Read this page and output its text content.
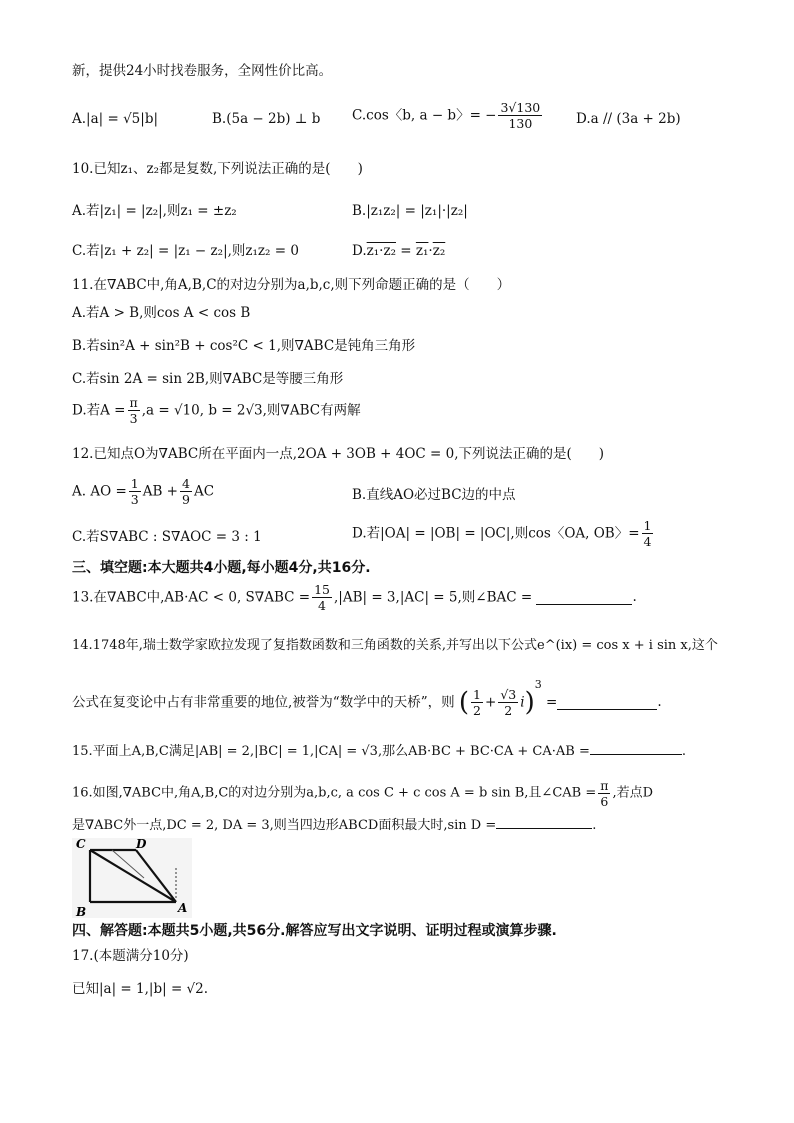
新，提供24小时找卷服务，全网性价比高。
A.|a| = √5|b|	B.(5a − 2b) ⊥ b C.cos〈b, a − b〉= − $\frac{3√130}{130} D.a // (3a + 2b)$
10.已知z₁、z₂都是复数,下列说法正确的是(　　)
A.若|z₁| = |z₂|,则z₁ = ±z₂	B.|z₁z₂| = |z₁|·|z₂|
C.若|z₁ + z₂| = |z₁ − z₂|,则z₁z₂ = 0	D.z₁·z₂ = z₁·z₂
11.在∇ABC中,角A,B,C的对边分别为a,b,c,则下列命题正确的是（　　）
A.若A > B,则cos A < cos B
B.若sin²A + sin²B + cos²C < 1,则∇ABC是钝角三角形
C.若sin 2A = sin 2B,则∇ABC是等腰三角形
D.若$A = \frac{\pi}{3} ,a = √10$, b = 2√3,则∇ABC有两解
12.已知点O为∇ABC所在平面内一点,2OA + 3OB + 4OC = 0,下列说法正确的是(　　)
A. AO = $\frac{1}{3}$ AB + $\frac{4}{9}$ AC	B.直线AO必过BC边的中点
C.若S∇ABC : S∇AOC = 3 : 1	D.若|OA| = |OB| = |OC|,则cos〈OA, OB〉= $\frac{1}{4}$
三、填空题:本大题共4小题,每小题4分,共16分.
13.在∇ABC中,AB·AC < 0, $S\nabla ABC = \frac{15}{4} ,|AB| = 3,|AC| = 5$,则∠BAC =	.
14.1748年,瑞士数学家欧拉发现了复指数函数和三角函数的关系,并写出以下公式e^(ix) = cos x + i sin x,这个
公式在复变论中占有非常重要的地位,被誉为“数学中的天桥”，则 ( $\frac{1}{2} + \frac{√3}{2} i)^3$ =	.
15.平面上A,B,C满足|AB| = 2,|BC| = 1,|CA| = √3,那么AB·BC + BC·CA + CA·AB =	.
16.如图,∇ABC中,角A,B,C的对边分别为a,b,c, a cos C + c cos A = b sin B,且∠CAB = $\frac{\pi}{6}$ ,若点D
是∇ABC外一点,DC = 2, DA = 3,则当四边形ABCD面积最大时,sin D =	.
C	D
B	A
四、解答题:本题共5小题,共56分.解答应写出文字说明、证明过程或演算步骤.
17.(本题满分10分)
已知|a| = 1,|b| = √2.
